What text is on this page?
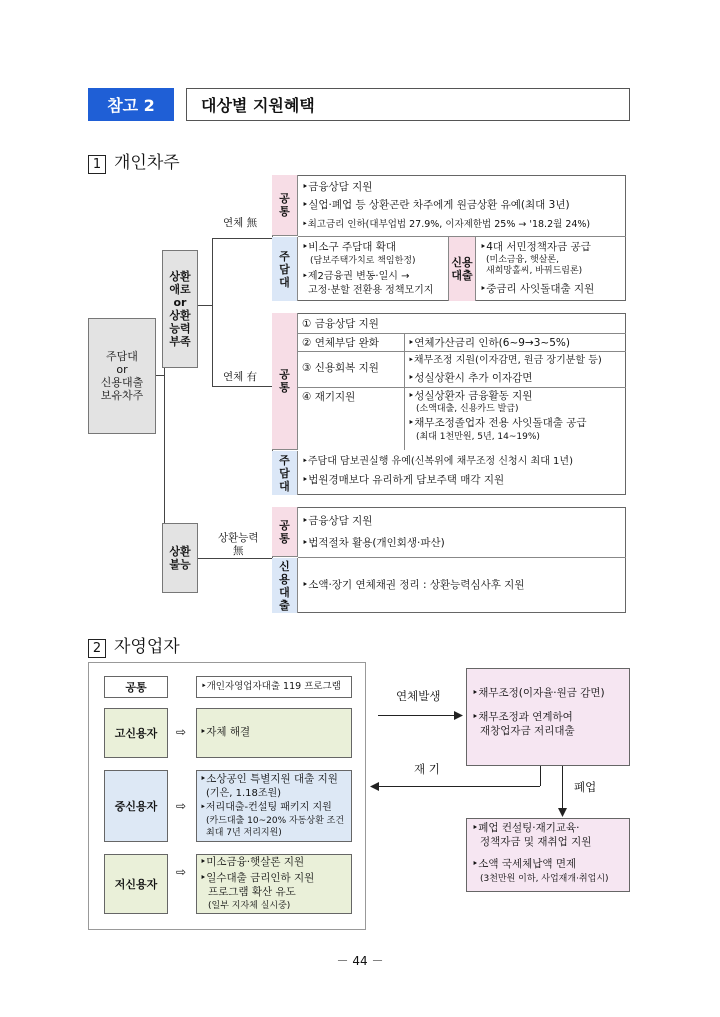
참고 2	대상별 지원혜택
1 개인차주
주담대
or
신용대출
보유차주
상환
애로
or
상환
능력
부족
상환
불능
연체 無
연체 有
상환능력
無
공
통
‣금융상담 지원
‣실업·폐업 등 상환곤란 차주에게 원금상환 유예(최대 3년)
‣최고금리 인하(대부업법 27.9%, 이자제한법 25% → '18.2월 24%)
주
담
대
‣비소구 주담대 확대
(담보주택가치로 책임한정)
‣제2금융권 변동·일시 →
고정·분할 전환용 정책모기지
신용
대출
‣4대 서민정책자금 공급
(미소금융, 햇살론,
새희망홀씨, 바꿔드림론)
‣중금리 사잇돌대출 지원
공
통
① 금융상담 지원
② 연체부담 완화	‣연체가산금리 인하(6~9→3~5%)
③ 신용회복 지원
‣채무조정 지원(이자감면, 원금 장기분할 등)
‣성실상환시 추가 이자감면
④ 재기지원	‣성실상환자 금융활동 지원
(소액대출, 신용카드 발급)
‣채무조정졸업자 전용 사잇돌대출 공급
(최대 1천만원, 5년, 14~19%)
주
담
대
‣주담대 담보권실행 유예(신복위에 채무조정 신청시 최대 1년)
‣법원경매보다 유리하게 담보주택 매각 지원
공
통
‣금융상담 지원
‣법적절차 활용(개인회생·파산)
신
용
대
출
‣소액·장기 연체채권 정리 : 상환능력심사후 지원
2 자영업자
공통	‣개인자영업자대출 119 프로그램
고신용자	⇨ ‣자체 해결
중신용자	⇨
‣소상공인 특별지원 대출 지원
(기은, 1.18조원)
‣저리대출-컨설팅 패키지 지원
(카드대출 10~20% 자동상환 조건
최대 7년 저리지원)
저신용자
⇨
‣미소금융·햇살론 지원
‣일수대출 금리인하 지원
프로그램 확산 유도
(일부 지자체 실시중)
연체발생
재 기
폐업
‣채무조정(이자율·원금 감면)
‣채무조정과 연계하여
재창업자금 저리대출
‣폐업 컨설팅·재기교육·
정책자금 및 재취업 지원
‣소액 국세체납액 면제
(3천만원 이하, 사업재개·취업시)
－ 44 －
